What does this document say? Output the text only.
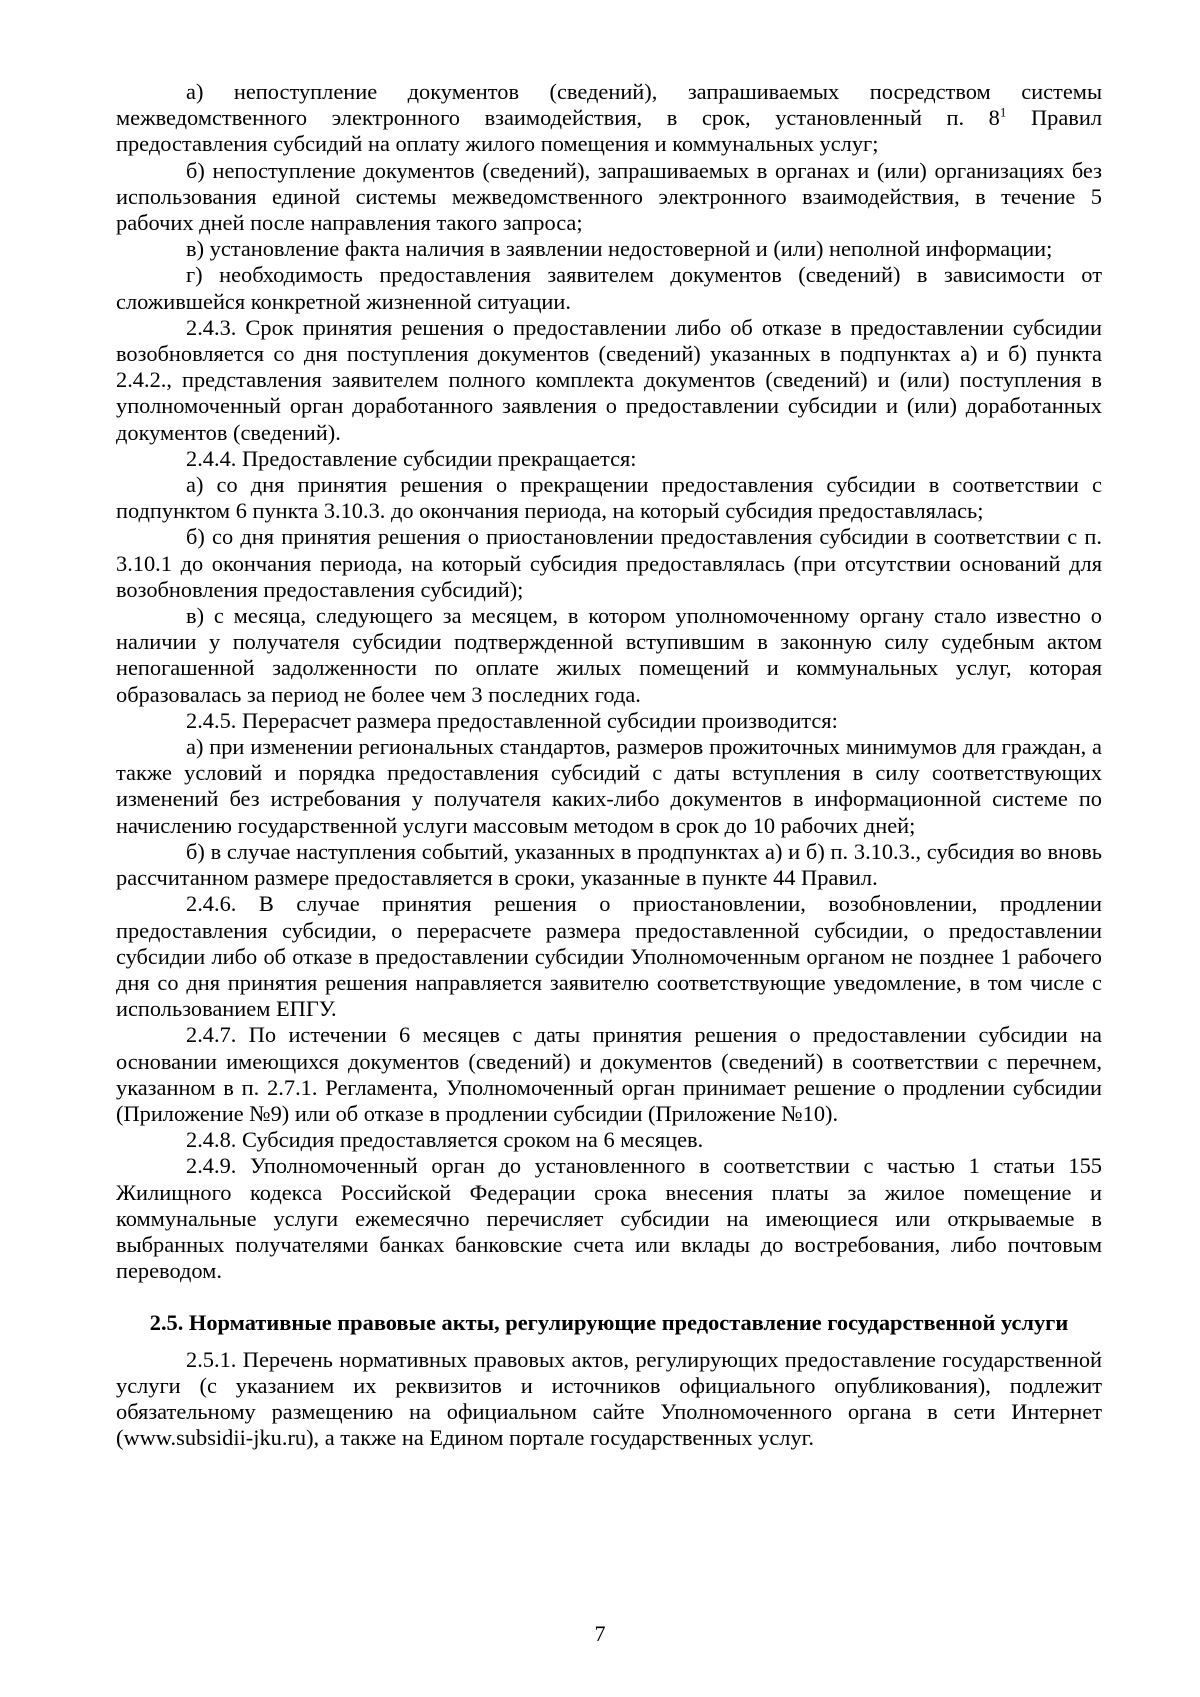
а) непоступление документов (сведений), запрашиваемых посредством системы межведомственного электронного взаимодействия, в срок, установленный п. $8^1$ Правил предоставления субсидий на оплату жилого помещения и коммунальных услуг;

б) непоступление документов (сведений), запрашиваемых в органах и (или) организациях без использования единой системы межведомственного электронного взаимодействия, в течение 5 рабочих дней после направления такого запроса;

в) установление факта наличия в заявлении недостоверной и (или) неполной информации;

г) необходимость предоставления заявителем документов (сведений) в зависимости от сложившейся конкретной жизненной ситуации.

2.4.3. Срок принятия решения о предоставлении либо об отказе в предоставлении субсидии возобновляется со дня поступления документов (сведений) указанных в подпунктах а) и б) пункта 2.4.2., представления заявителем полного комплекта документов (сведений) и (или) поступления в уполномоченный орган доработанного заявления о предоставлении субсидии и (или) доработанных документов (сведений).

2.4.4. Предоставление субсидии прекращается:

а) со дня принятия решения о прекращении предоставления субсидии в соответствии с подпунктом 6 пункта 3.10.3. до окончания периода, на который субсидия предоставлялась;

б) со дня принятия решения о приостановлении предоставления субсидии в соответствии с п. 3.10.1 до окончания периода, на который субсидия предоставлялась (при отсутствии оснований для возобновления предоставления субсидий);

в) с месяца, следующего за месяцем, в котором уполномоченному органу стало известно о наличии у получателя субсидии подтвержденной вступившим в законную силу судебным актом непогашенной задолженности по оплате жилых помещений и коммунальных услуг, которая образовалась за период не более чем 3 последних года.

2.4.5. Перерасчет размера предоставленной субсидии производится:

а) при изменении региональных стандартов, размеров прожиточных минимумов для граждан, а также условий и порядка предоставления субсидий с даты вступления в силу соответствующих изменений без истребования у получателя каких-либо документов в информационной системе по начислению государственной услуги массовым методом в срок до 10 рабочих дней;

б) в случае наступления событий, указанных в продпунктах а) и б) п. 3.10.3., субсидия во вновь рассчитанном размере предоставляется в сроки, указанные в пункте 44 Правил.

2.4.6. В случае принятия решения о приостановлении, возобновлении, продлении предоставления субсидии, о перерасчете размера предоставленной субсидии, о предоставлении субсидии либо об отказе в предоставлении субсидии Уполномоченным органом не позднее 1 рабочего дня со дня принятия решения направляется заявителю соответствующие уведомление, в том числе с использованием ЕПГУ.

2.4.7. По истечении 6 месяцев с даты принятия решения о предоставлении субсидии на основании имеющихся документов (сведений) и документов (сведений) в соответствии с перечнем, указанном в п. 2.7.1. Регламента, Уполномоченный орган принимает решение о продлении субсидии (Приложение №9) или об отказе в продлении субсидии (Приложение №10).

2.4.8. Субсидия предоставляется сроком на 6 месяцев.

2.4.9. Уполномоченный орган до установленного в соответствии с частью 1 статьи 155 Жилищного кодекса Российской Федерации срока внесения платы за жилое помещение и коммунальные услуги ежемесячно перечисляет субсидии на имеющиеся или открываемые в выбранных получателями банках банковские счета или вклады до востребования, либо почтовым переводом.

2.5. Нормативные правовые акты, регулирующие предоставление государственной услуги

2.5.1. Перечень нормативных правовых актов, регулирующих предоставление государственной услуги (с указанием их реквизитов и источников официального опубликования), подлежит обязательному размещению на официальном сайте Уполномоченного органа в сети Интернет (www.subsidii-jku.ru), а также на Едином портале государственных услуг.

7
